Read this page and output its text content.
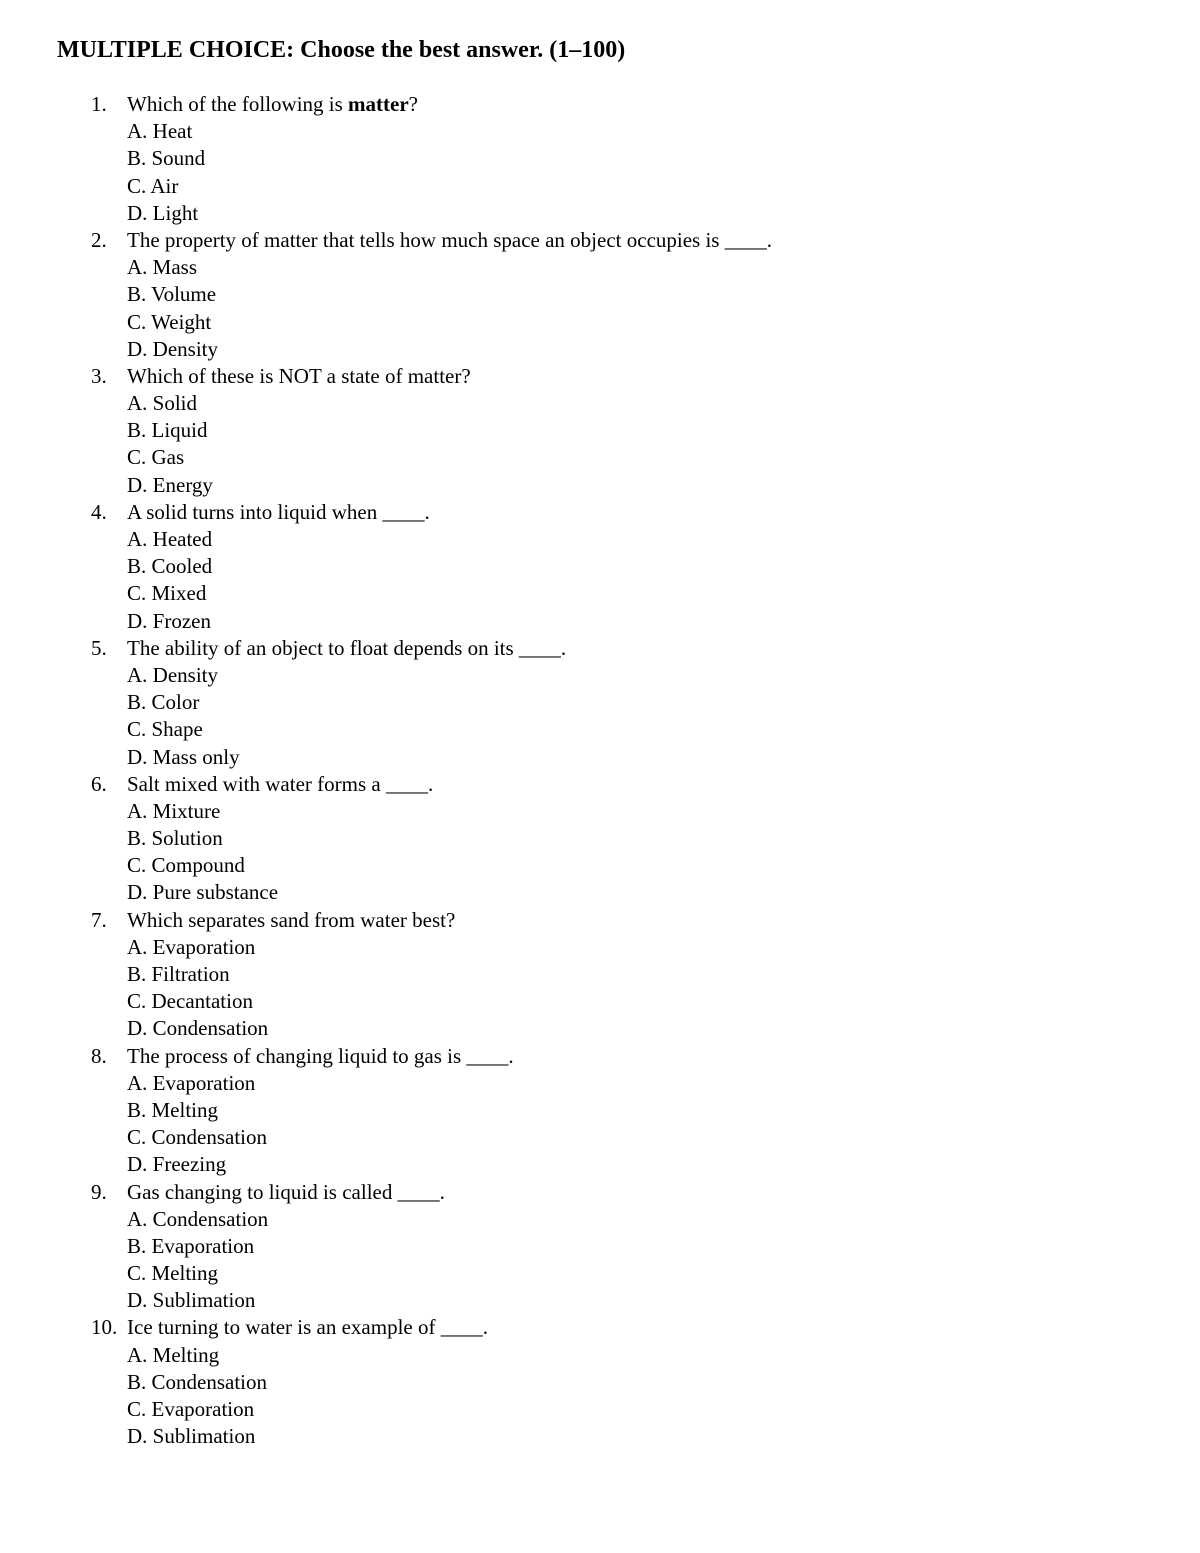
MULTIPLE CHOICE: Choose the best answer. (1–100)
1. Which of the following is matter?
A. Heat
B. Sound
C. Air
D. Light
2. The property of matter that tells how much space an object occupies is ____.
A. Mass
B. Volume
C. Weight
D. Density
3. Which of these is NOT a state of matter?
A. Solid
B. Liquid
C. Gas
D. Energy
4. A solid turns into liquid when ____.
A. Heated
B. Cooled
C. Mixed
D. Frozen
5. The ability of an object to float depends on its ____.
A. Density
B. Color
C. Shape
D. Mass only
6. Salt mixed with water forms a ____.
A. Mixture
B. Solution
C. Compound
D. Pure substance
7. Which separates sand from water best?
A. Evaporation
B. Filtration
C. Decantation
D. Condensation
8. The process of changing liquid to gas is ____.
A. Evaporation
B. Melting
C. Condensation
D. Freezing
9. Gas changing to liquid is called ____.
A. Condensation
B. Evaporation
C. Melting
D. Sublimation
10. Ice turning to water is an example of ____.
A. Melting
B. Condensation
C. Evaporation
D. Sublimation
